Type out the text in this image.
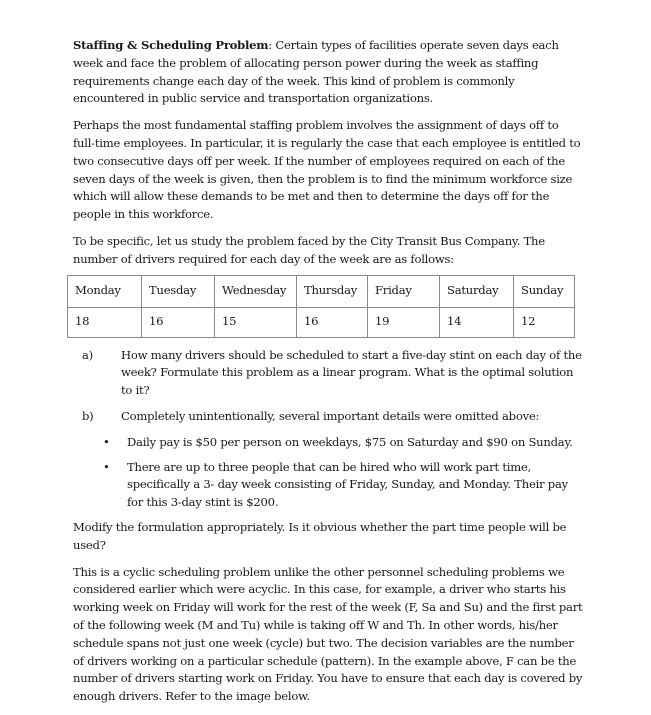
Staffing & Scheduling Problem: Certain types of facilities operate seven days each week and face the problem of allocating person power during the week as staffing requirements change each day of the week. This kind of problem is commonly encountered in public service and transportation organizations.

Perhaps the most fundamental staffing problem involves the assignment of days off to full-time employees. In particular, it is regularly the case that each employee is entitled to two consecutive days off per week. If the number of employees required on each of the seven days of the week is given, then the problem is to find the minimum workforce size which will allow these demands to be met and then to determine the days off for the people in this workforce.

To be specific, let us study the problem faced by the City Transit Bus Company. The number of drivers required for each day of the week are as follows:

Monday	Tuesday	Wednesday	Thursday	Friday	Saturday	Sunday
18	16	15	16	19	14	12
a)	How many drivers should be scheduled to start a five-day stint on each day of the week? Formulate this problem as a linear program. What is the optimal solution to it?
b)	Completely unintentionally, several important details were omitted above:
•	Daily pay is $50 per person on weekdays, $75 on Saturday and $90 on Sunday.
•	There are up to three people that can be hired who will work part time, specifically a 3- day week consisting of Friday, Sunday, and Monday. Their pay for this 3-day stint is $200.

Modify the formulation appropriately. Is it obvious whether the part time people will be used?

This is a cyclic scheduling problem unlike the other personnel scheduling problems we considered earlier which were acyclic. In this case, for example, a driver who starts his working week on Friday will work for the rest of the week (F, Sa and Su) and the first part of the following week (M and Tu) while is taking off W and Th. In other words, his/her schedule spans not just one week (cycle) but two. The decision variables are the number of drivers working on a particular schedule (pattern). In the example above, F can be the number of drivers starting work on Friday. You have to ensure that each day is covered by enough drivers. Refer to the image below.
